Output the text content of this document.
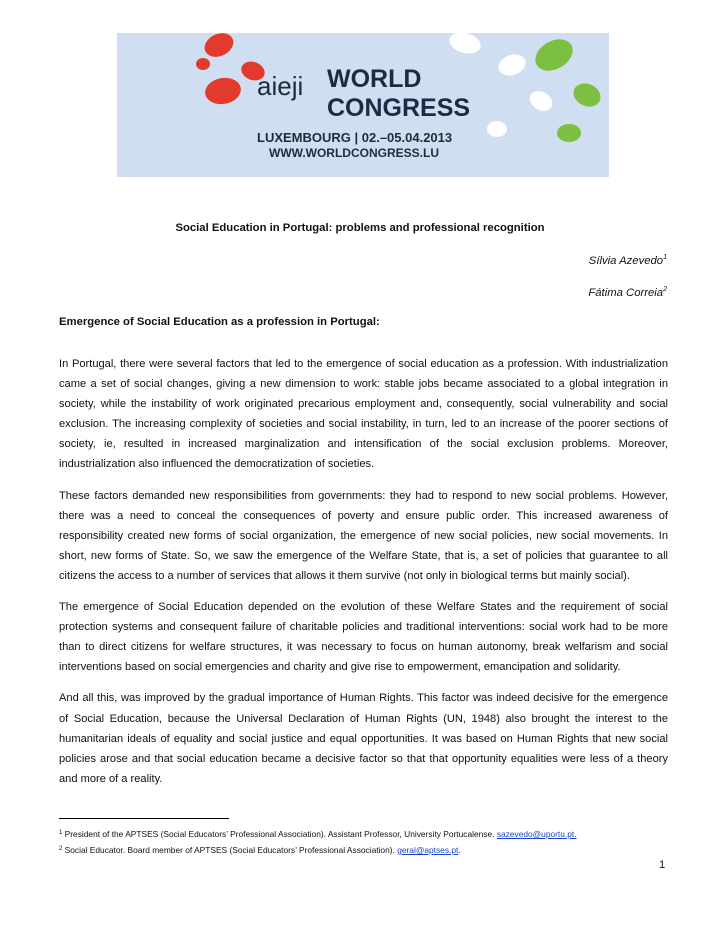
aieji WORLD
CONGRESS
LUXEMBOURG | 02.–05.04.2013
WWW.WORLDCONGRESS.LU
Social Education in Portugal: problems and professional recognition
Sílvia Azevedo$^1$
Fátima Correia$^2$
Emergence of Social Education as a profession in Portugal:

In Portugal, there were several factors that led to the emergence of social education as a profession. With industrialization came a set of social changes, giving a new dimension to work: stable jobs became associated to a global integration in society, while the instability of work originated precarious employment and, consequently, social vulnerability and social exclusion. The increasing complexity of societies and social instability, in turn, led to an increase of the poorer sections of society, ie, resulted in increased marginalization and intensification of the social exclusion problems. Moreover, industrialization also influenced the democratization of societies.

These factors demanded new responsibilities from governments: they had to respond to new social problems. However, there was a need to conceal the consequences of poverty and ensure public order. This increased awareness of responsibility created new forms of social organization, the emergence of new social policies, new social movements. In short, new forms of State. So, we saw the emergence of the Welfare State, that is, a set of policies that guarantee to all citizens the access to a number of services that allows it them survive (not only in biological terms but mainly social).

The emergence of Social Education depended on the evolution of these Welfare States and the requirement of social protection systems and consequent failure of charitable policies and traditional interventions: social work had to be more than to direct citizens for welfare structures, it was necessary to focus on human autonomy, break welfarism and social interventions based on social emergencies and charity and give rise to empowerment, emancipation and solidarity.

And all this, was improved by the gradual importance of Human Rights. This factor was indeed decisive for the emergence of Social Education, because the Universal Declaration of Human Rights (UN, 1948) also brought the interest to the humanitarian ideals of equality and social justice and equal opportunities. It was based on Human Rights that new social policies arose and that social education became a decisive factor so that that opportunity equalities were less of a theory and more of a reality.

$^1$ President of the APTSES (Social Educators’ Professional Association). Assistant Professor, University Portucalense. sazevedo@uportu.pt.
$^2$ Social Educator. Board member of APTSES (Social Educators’ Professional Association). geral@aptses.pt.
1
